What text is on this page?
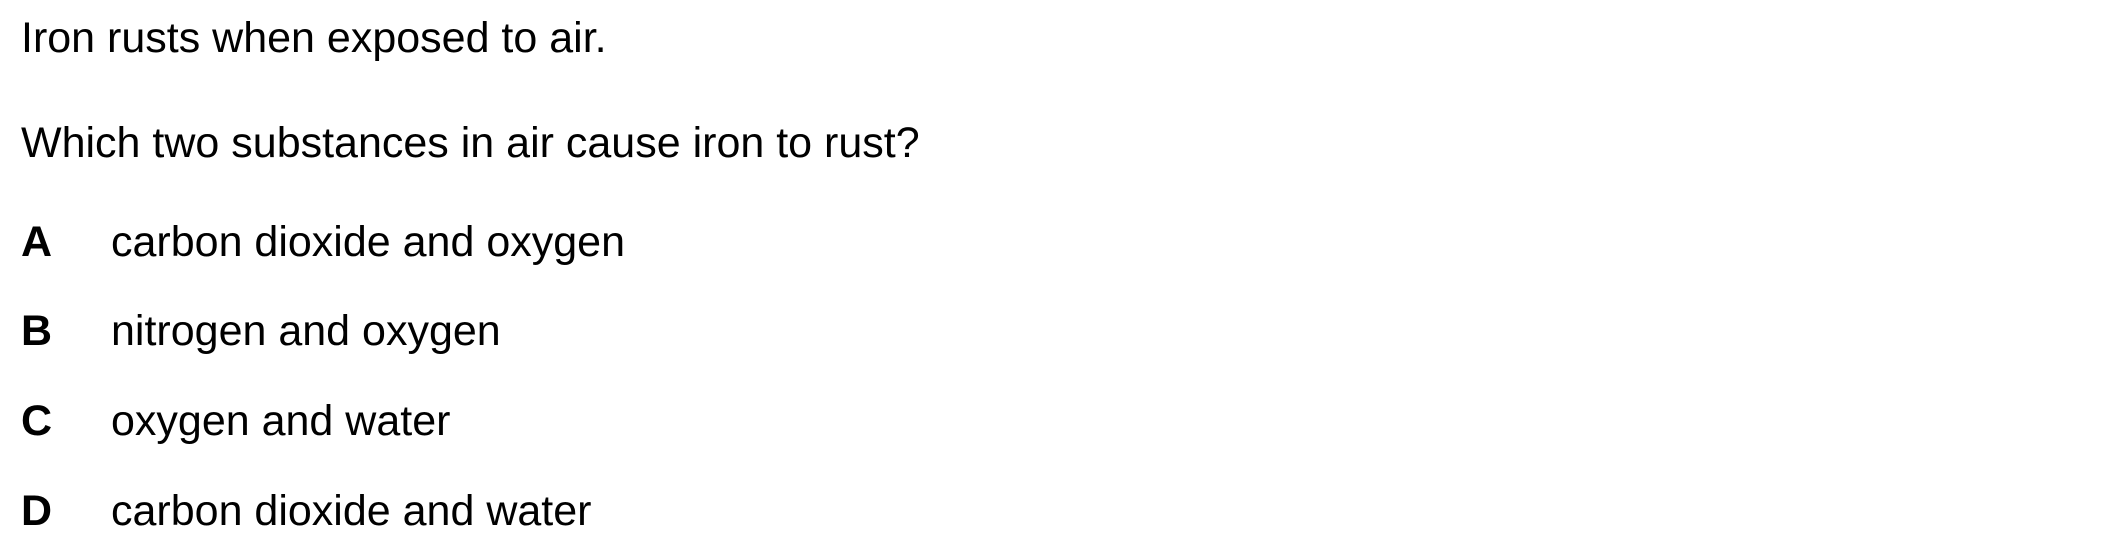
Iron rusts when exposed to air.
Which two substances in air cause iron to rust?
A carbon dioxide and oxygen
B nitrogen and oxygen
C oxygen and water
D carbon dioxide and water
